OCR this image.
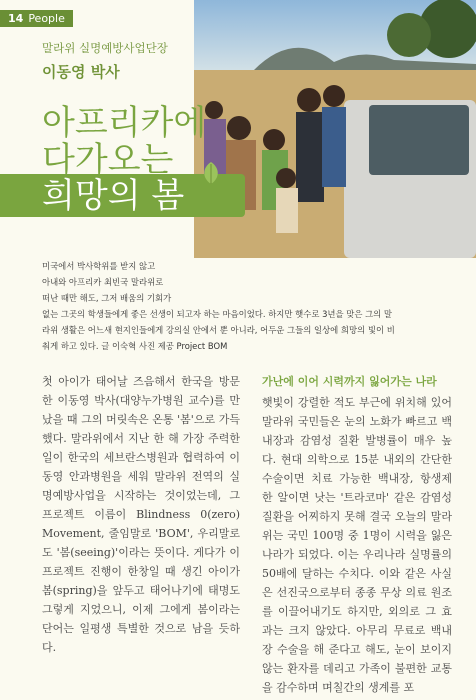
14 People
말라위 실명예방사업단장
이동영 박사
아프리카에
다가오는
희망의 봄
미국에서 박사학위를 받지 않고
아내와 아프리카 최빈국 말라위로
떠난 때만 해도, 그저 배움의 기회가
없는 그곳의 학생들에게 좋은 선생이 되고자 하는 마음이었다. 하지만 햇수로 3년을 맞은 그의 말
라위 생활은 어느새 현지인들에게 강의실 안에서 뿐 아니라, 어두운 그들의 일상에 희망의 빛이 비
춰게 하고 있다. 글 이숙혁 사진 제공 Project BOM

첫 아이가 태어날 즈음해서 한국을 방문한 이동영 박사(대양누가병원 교수)를 만났을 때 그의 머릿속은 온통 '봄'으로 가득했다. 말라위에서 지난 한 해 가장 주력한 일이 한국의 세브란스병원과 협력하여 이동영 안과병원을 세워 말라위 전역의 실명예방사업을 시작하는 것이었는데, 그 프로젝트 이름이 Blindness 0(zero) Movement, 줄임말로 'BOM', 우리말로도 '봄(seeing)'이라는 뜻이다. 게다가 이 프로젝트 진행이 한창일 때 생긴 아이가 봄(spring)을 앞두고 태어나기에 태명도 그렇게 지었으니, 이제 그에게 봄이라는 단어는 일평생 특별한 것으로 남을 듯하다.

가난에 이어 시력까지 잃어가는 나라

햇빛이 강렬한 적도 부근에 위치해 있어 말라위 국민들은 눈의 노화가 빠르고 백내장과 감염성 질환 발병률이 매우 높다. 현대 의학으로 15분 내외의 간단한 수술이면 치료 가능한 백내장, 항생제 한 알이면 낫는 '트라코마' 같은 감염성 질환을 어찌하지 못해 결국 오늘의 말라위는 국민 100명 중 1명이 시력을 잃은 나라가 되었다. 이는 우리나라 실명률의 50배에 달하는 수치다. 이와 같은 사실은 선진국으로부터 종종 무상 의료 원조를 이끌어내기도 하지만, 외의로 그 효과는 크지 않았다. 아무리 무료로 백내장 수술을 해 준다고 해도, 눈이 보이지 않는 환자를 데리고 가족이 불편한 교통을 감수하며 며칠간의 생계를 포
